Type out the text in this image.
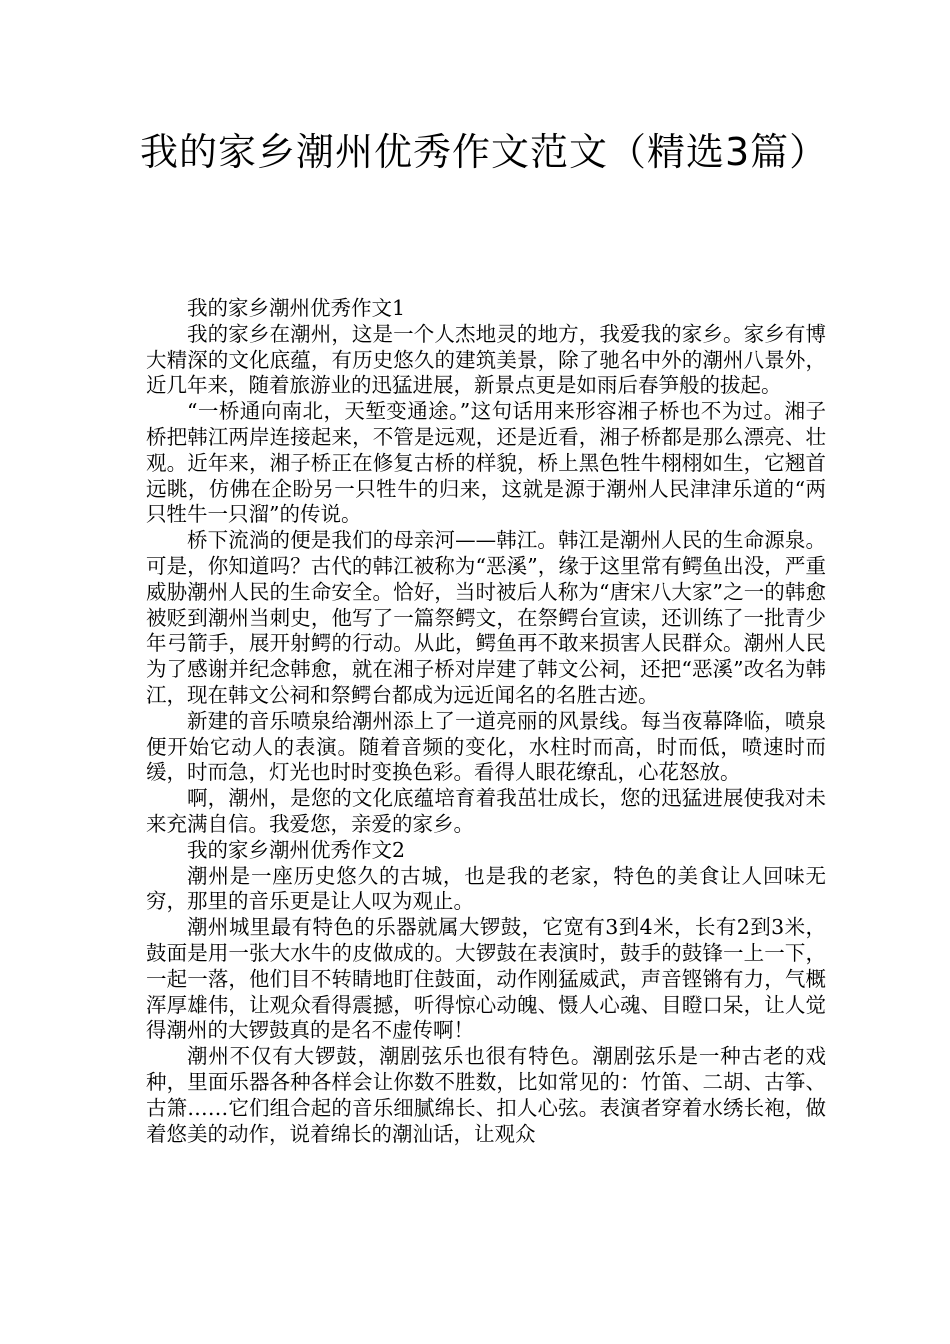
我的家乡潮州优秀作文范文（精选3篇）

我的家乡潮州优秀作文1

我的家乡在潮州，这是一个人杰地灵的地方，我爱我的家乡。家乡有博大精深的文化底蕴，有历史悠久的建筑美景，除了驰名中外的潮州八景外，近几年来，随着旅游业的迅猛进展，新景点更是如雨后春笋般的拔起。

“一桥通向南北，天堑变通途。”这句话用来形容湘子桥也不为过。湘子桥把韩江两岸连接起来，不管是远观，还是近看，湘子桥都是那么漂亮、壮观。近年来，湘子桥正在修复古桥的样貌，桥上黑色牲牛栩栩如生，它翘首远眺，仿佛在企盼另一只牲牛的归来，这就是源于潮州人民津津乐道的“两只牲牛一只溜”的传说。

桥下流淌的便是我们的母亲河——韩江。韩江是潮州人民的生命源泉。可是，你知道吗？古代的韩江被称为“恶溪”，缘于这里常有鳄鱼出没，严重威胁潮州人民的生命安全。恰好，当时被后人称为“唐宋八大家”之一的韩愈被贬到潮州当刺史，他写了一篇祭鳄文，在祭鳄台宣读，还训练了一批青少年弓箭手，展开射鳄的行动。从此，鳄鱼再不敢来损害人民群众。潮州人民为了感谢并纪念韩愈，就在湘子桥对岸建了韩文公祠，还把“恶溪”改名为韩江，现在韩文公祠和祭鳄台都成为远近闻名的名胜古迹。

新建的音乐喷泉给潮州添上了一道亮丽的风景线。每当夜幕降临，喷泉便开始它动人的表演。随着音频的变化，水柱时而高，时而低，喷速时而缓，时而急，灯光也时时变换色彩。看得人眼花缭乱，心花怒放。

啊，潮州，是您的文化底蕴培育着我茁壮成长，您的迅猛进展使我对未来充满自信。我爱您，亲爱的家乡。

我的家乡潮州优秀作文2

潮州是一座历史悠久的古城，也是我的老家，特色的美食让人回味无穷，那里的音乐更是让人叹为观止。

潮州城里最有特色的乐器就属大锣鼓，它宽有3到4米，长有2到3米，鼓面是用一张大水牛的皮做成的。大锣鼓在表演时，鼓手的鼓锋一上一下，一起一落，他们目不转睛地盯住鼓面，动作刚猛威武，声音铿锵有力，气概浑厚雄伟，让观众看得震撼，听得惊心动魄、慑人心魂、目瞪口呆，让人觉得潮州的大锣鼓真的是名不虚传啊！

潮州不仅有大锣鼓，潮剧弦乐也很有特色。潮剧弦乐是一种古老的戏种，里面乐器各种各样会让你数不胜数，比如常见的：竹笛、二胡、古筝、古箫……它们组合起的音乐细腻绵长、扣人心弦。表演者穿着水绣长袍，做着悠美的动作，说着绵长的潮汕话，让观众
